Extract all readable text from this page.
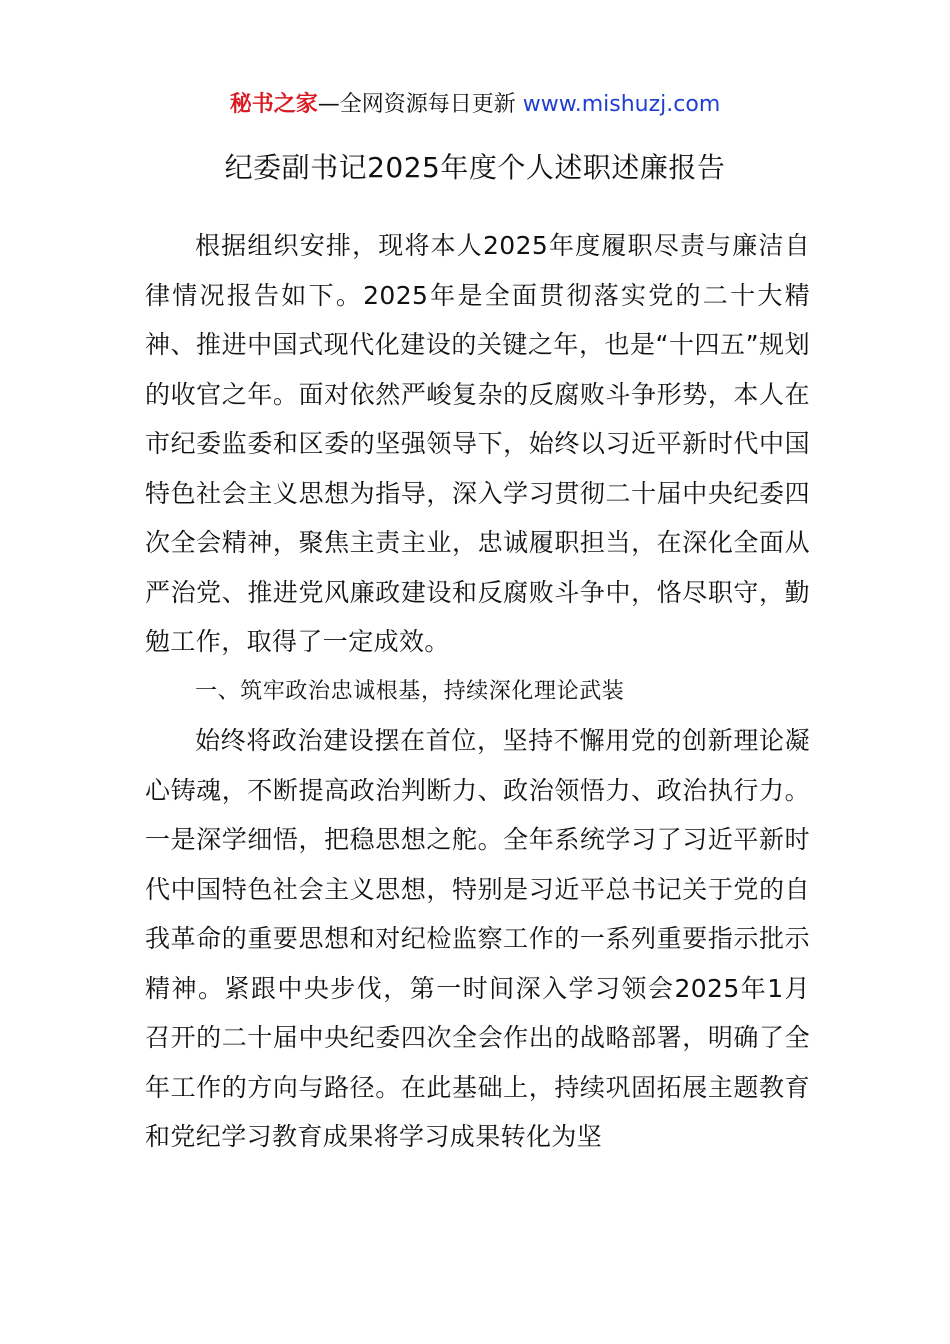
秘书之家—全网资源每日更新 www.mishuzj.com
纪委副书记2025年度个人述职述廉报告

根据组织安排，现将本人2025年度履职尽责与廉洁自律情况报告如下。2025年是全面贯彻落实党的二十大精神、推进中国式现代化建设的关键之年，也是“十四五”规划的收官之年。面对依然严峻复杂的反腐败斗争形势，本人在市纪委监委和区委的坚强领导下，始终以习近平新时代中国特色社会主义思想为指导，深入学习贯彻二十届中央纪委四次全会精神，聚焦主责主业，忠诚履职担当，在深化全面从严治党、推进党风廉政建设和反腐败斗争中，恪尽职守，勤勉工作，取得了一定成效。

一、筑牢政治忠诚根基，持续深化理论武装

始终将政治建设摆在首位，坚持不懈用党的创新理论凝心铸魂，不断提高政治判断力、政治领悟力、政治执行力。一是深学细悟，把稳思想之舵。全年系统学习了习近平新时代中国特色社会主义思想，特别是习近平总书记关于党的自我革命的重要思想和对纪检监察工作的一系列重要指示批示精神。紧跟中央步伐，第一时间深入学习领会2025年1月召开的二十届中央纪委四次全会作出的战略部署，明确了全年工作的方向与路径。在此基础上，持续巩固拓展主题教育和党纪学习教育成果将学习成果转化为坚
